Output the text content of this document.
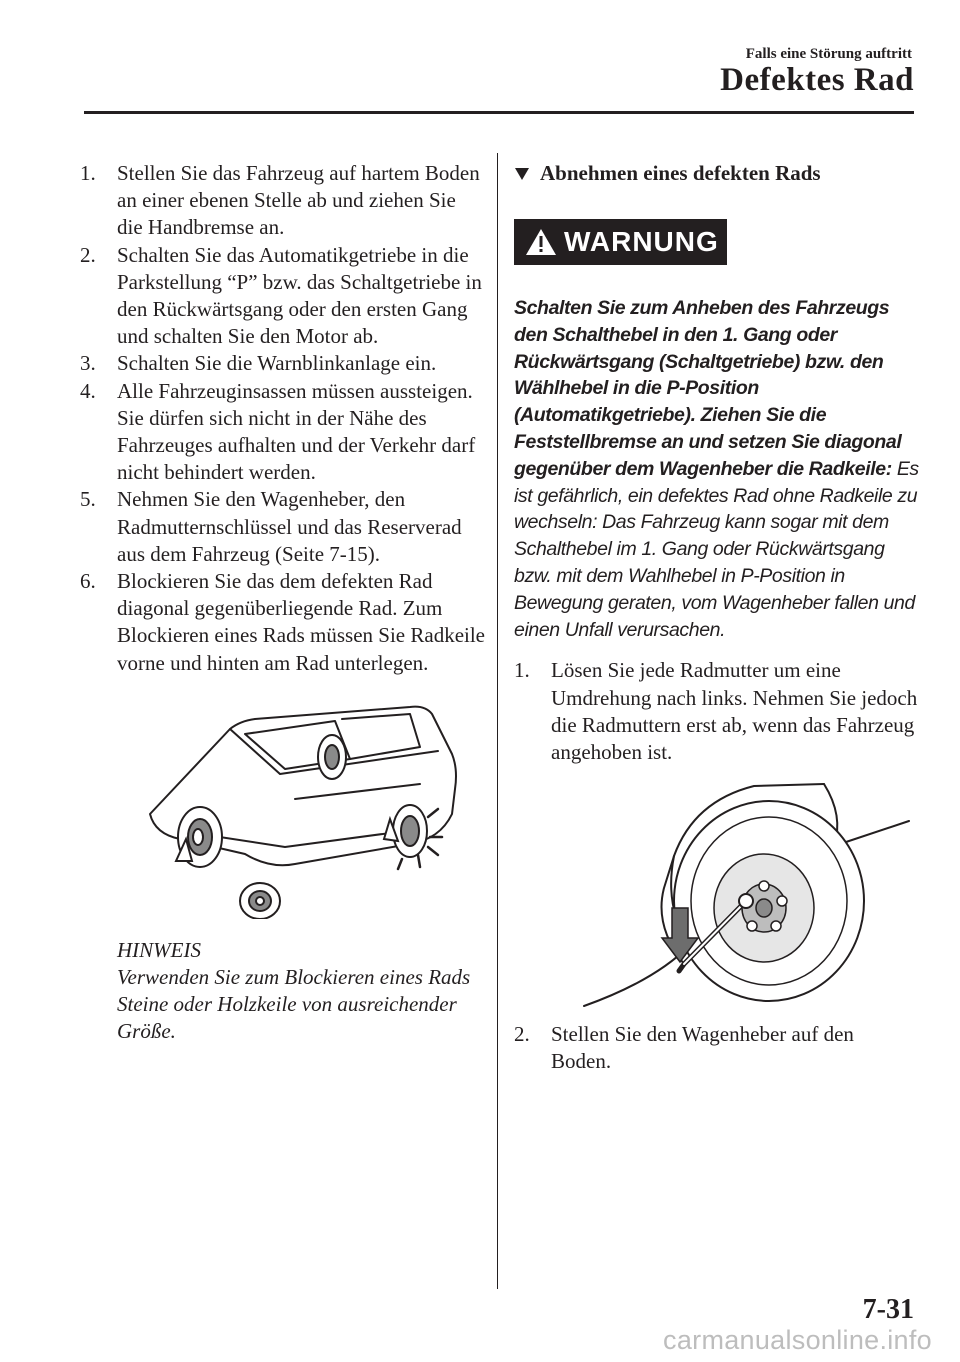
Falls eine Störung auftritt
Defektes Rad
1. Stellen Sie das Fahrzeug auf hartem Boden an einer ebenen Stelle ab und ziehen Sie die Handbremse an.
2. Schalten Sie das Automatikgetriebe in die Parkstellung “P” bzw. das Schaltgetriebe in den Rückwärtsgang oder den ersten Gang und schalten Sie den Motor ab.
3. Schalten Sie die Warnblinkanlage ein.
4. Alle Fahrzeuginsassen müssen aussteigen. Sie dürfen sich nicht in der Nähe des Fahrzeuges aufhalten und der Verkehr darf nicht behindert werden.
5. Nehmen Sie den Wagenheber, den Radmutternschlüssel und das Reserverad aus dem Fahrzeug (Seite 7-15).
6. Blockieren Sie das dem defekten Rad diagonal gegenüberliegende Rad. Zum Blockieren eines Rads müssen Sie Radkeile vorne und hinten am Rad unterlegen.
HINWEIS
Verwenden Sie zum Blockieren eines Rads Steine oder Holzkeile von ausreichender Größe.
Abnehmen eines defekten Rads
WARNUNG
Schalten Sie zum Anheben des Fahrzeugs den Schalthebel in den 1. Gang oder Rückwärtsgang (Schaltgetriebe) bzw. den Wählhebel in die P-Position (Automatikgetriebe). Ziehen Sie die Feststellbremse an und setzen Sie diagonal gegenüber dem Wagenheber die Radkeile: Es ist gefährlich, ein defektes Rad ohne Radkeile zu wechseln: Das Fahrzeug kann sogar mit dem Schalthebel im 1. Gang oder Rückwärtsgang bzw. mit dem Wahlhebel in P-Position in Bewegung geraten, vom Wagenheber fallen und einen Unfall verursachen.
1. Lösen Sie jede Radmutter um eine Umdrehung nach links. Nehmen Sie jedoch die Radmuttern erst ab, wenn das Fahrzeug angehoben ist.
2. Stellen Sie den Wagenheber auf den Boden.
7-31
carmanualsonline.info
